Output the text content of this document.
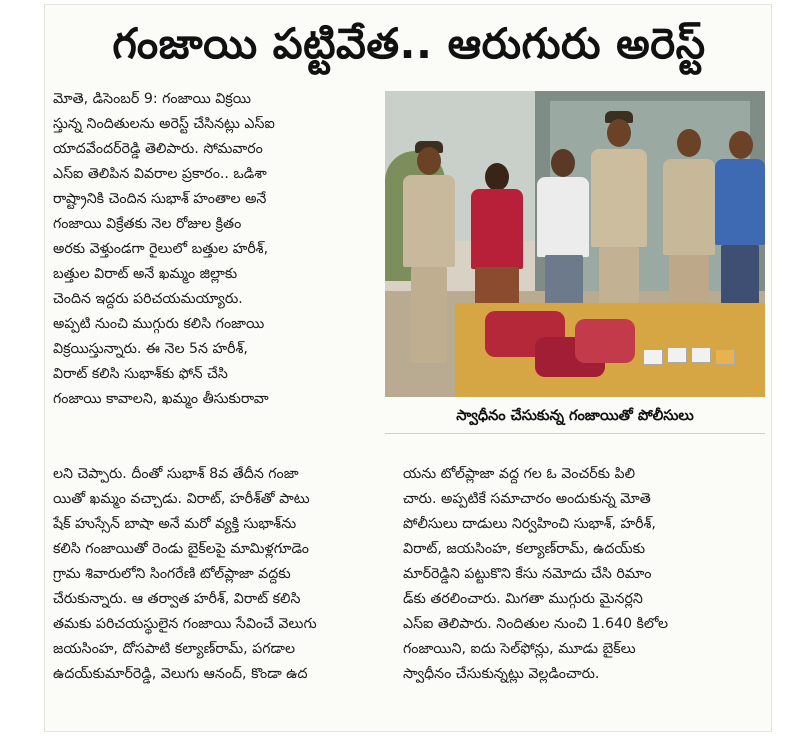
గంజాయి పట్టివేత.. ఆరుగురు అరెస్ట్
మోతె, డిసెంబర్ 9: గంజాయి విక్రయి
స్తున్న నిందితులను అరెస్ట్ చేసినట్లు ఎస్ఐ
యాదవేందర్‌రెడ్డి తెలిపారు. సోమవారం
ఎస్ఐ తెలిపిన వివరాల ప్రకారం.. ఒడిశా
రాష్ట్రానికి చెందిన సుభాశ్ హంతాల అనే
గంజాయి విక్రేతకు నెల రోజుల క్రితం
అరకు వెళ్తుండగా రైలులో బత్తుల హరీశ్,
బత్తుల విరాట్ అనే ఖమ్మం జిల్లాకు
చెందిన ఇద్దరు పరిచయమయ్యారు.
అప్పటి నుంచి ముగ్గురు కలిసి గంజాయి
విక్రయిస్తున్నారు. ఈ నెల 5న హరీశ్,
విరాట్ కలిసి సుభాశ్‌కు ఫోన్ చేసి
గంజాయి కావాలని, ఖమ్మం తీసుకురావా
స్వాధీనం చేసుకున్న గంజాయితో పోలీసులు
లని చెప్పారు. దీంతో సుభాశ్ 8వ తేదీన గంజా
యితో ఖమ్మం వచ్చాడు. విరాట్, హరీశ్‌తో పాటు
షేక్ హుస్సేన్ బాషా అనే మరో వ్యక్తి సుభాశ్‌ను
కలిసి గంజాయితో రెండు బైక్‌లపై మామిళ్లగూడెం
గ్రామ శివారులోని సింగరేణి టోల్‌ప్లాజా వద్దకు
చేరుకున్నారు. ఆ తర్వాత హరీశ్, విరాట్ కలిసి
తమకు పరిచయస్థులైన గంజాయి సేవించే వెలుగు
జయసింహ, దోసపాటి కల్యాణ్‌రామ్, పగడాల
ఉదయ్‌కుమార్‌రెడ్డి, వెలుగు ఆనంద్, కొండా ఉద
యను టోల్‌ప్లాజా వద్ద గల ఓ వెంచర్‌కు పిలి
చారు. అప్పటికే సమాచారం అందుకున్న మోతె
పోలీసులు దాడులు నిర్వహించి సుభాశ్, హరీశ్,
విరాట్, జయసింహ, కల్యాణ్‌రామ్, ఉదయ్‌కు
మార్‌రెడ్డిని పట్టుకొని కేసు నమోదు చేసి రిమాం
డ్‌కు తరలించారు. మిగతా ముగ్గురు మైనర్లని
ఎస్ఐ తెలిపారు. నిందితుల నుంచి 1.640 కిలోల
గంజాయిని, ఐదు సెల్‌ఫోన్లు, మూడు బైక్‌లు
స్వాధీనం చేసుకున్నట్లు వెల్లడించారు.
